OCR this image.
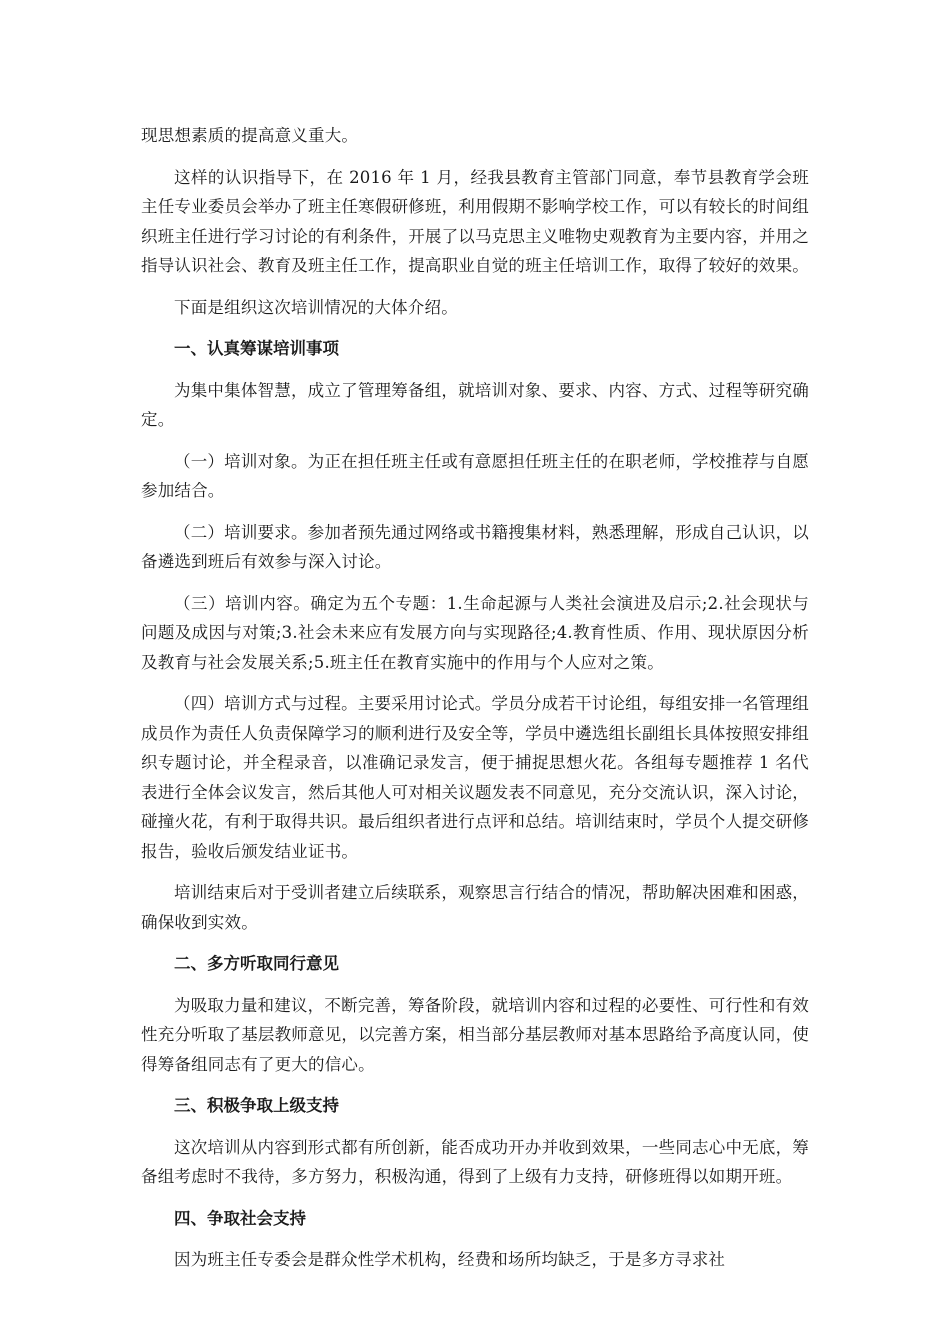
现思想素质的提高意义重大。

这样的认识指导下，在 2016 年 1 月，经我县教育主管部门同意，奉节县教育学会班主任专业委员会举办了班主任寒假研修班，利用假期不影响学校工作，可以有较长的时间组织班主任进行学习讨论的有利条件，开展了以马克思主义唯物史观教育为主要内容，并用之指导认识社会、教育及班主任工作，提高职业自觉的班主任培训工作，取得了较好的效果。

下面是组织这次培训情况的大体介绍。

一、认真筹谋培训事项

为集中集体智慧，成立了管理筹备组，就培训对象、要求、内容、方式、过程等研究确定。

（一）培训对象。为正在担任班主任或有意愿担任班主任的在职老师，学校推荐与自愿参加结合。

（二）培训要求。参加者预先通过网络或书籍搜集材料，熟悉理解，形成自己认识，以备遴选到班后有效参与深入讨论。

（三）培训内容。确定为五个专题：1.生命起源与人类社会演进及启示;2.社会现状与问题及成因与对策;3.社会未来应有发展方向与实现路径;4.教育性质、作用、现状原因分析及教育与社会发展关系;5.班主任在教育实施中的作用与个人应对之策。

（四）培训方式与过程。主要采用讨论式。学员分成若干讨论组，每组安排一名管理组成员作为责任人负责保障学习的顺利进行及安全等，学员中遴选组长副组长具体按照安排组织专题讨论，并全程录音，以准确记录发言，便于捕捉思想火花。各组每专题推荐 1 名代表进行全体会议发言，然后其他人可对相关议题发表不同意见，充分交流认识，深入讨论，碰撞火花，有利于取得共识。最后组织者进行点评和总结。培训结束时，学员个人提交研修报告，验收后颁发结业证书。

培训结束后对于受训者建立后续联系，观察思言行结合的情况，帮助解决困难和困惑，确保收到实效。

二、多方听取同行意见

为吸取力量和建议，不断完善，筹备阶段，就培训内容和过程的必要性、可行性和有效性充分听取了基层教师意见，以完善方案，相当部分基层教师对基本思路给予高度认同，使得筹备组同志有了更大的信心。

三、积极争取上级支持

这次培训从内容到形式都有所创新，能否成功开办并收到效果，一些同志心中无底，筹备组考虑时不我待，多方努力，积极沟通，得到了上级有力支持，研修班得以如期开班。

四、争取社会支持

因为班主任专委会是群众性学术机构，经费和场所均缺乏，于是多方寻求社
